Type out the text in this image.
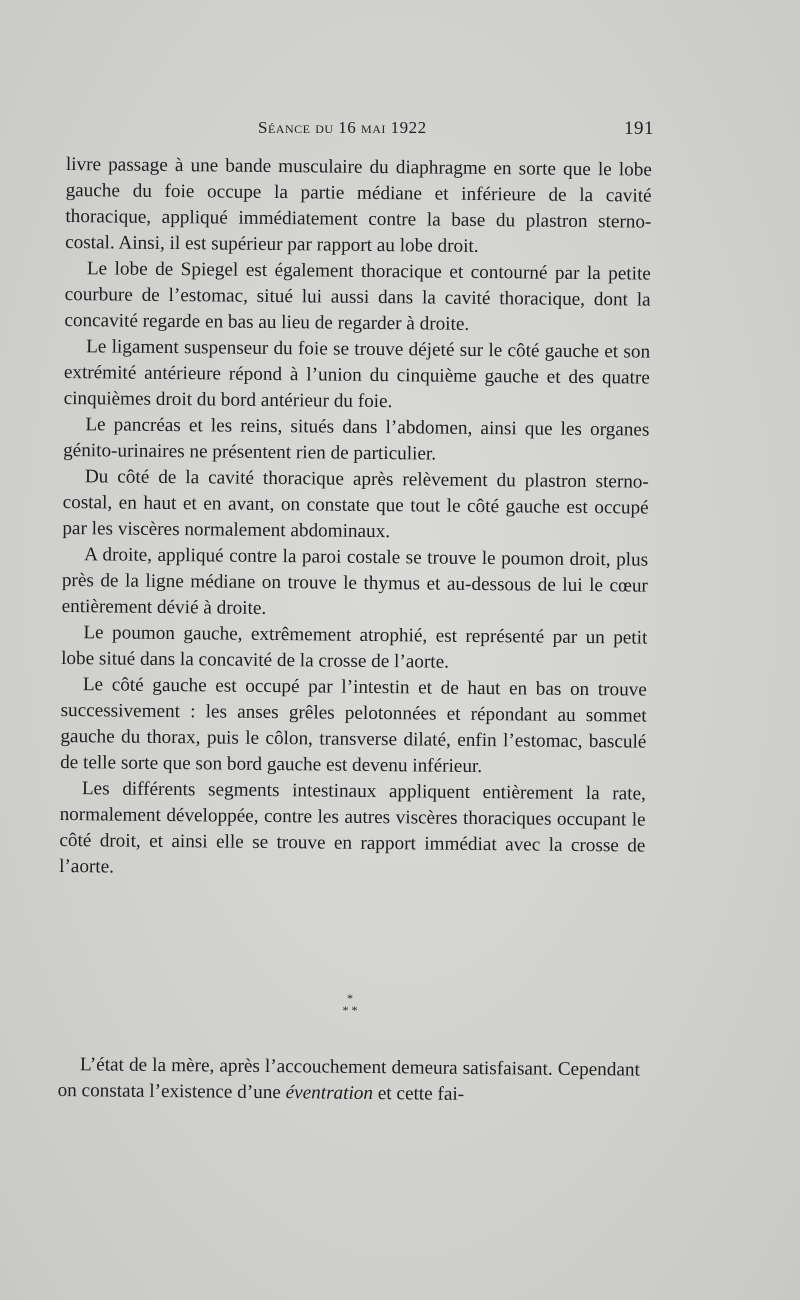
Séance du 16 mai 1922	191

livre passage à une bande musculaire du diaphragme en sorte que le lobe gauche du foie occupe la partie médiane et inférieure de la cavité thoracique, appliqué immédiatement contre la base du plastron sterno-costal. Ainsi, il est supérieur par rapport au lobe droit.

Le lobe de Spiegel est également thoracique et contourné par la petite courbure de l’estomac, situé lui aussi dans la cavité thoracique, dont la concavité regarde en bas au lieu de regarder à droite.

Le ligament suspenseur du foie se trouve déjeté sur le côté gauche et son extrémité antérieure répond à l’union du cinquième gauche et des quatre cinquièmes droit du bord antérieur du foie.

Le pancréas et les reins, situés dans l’abdomen, ainsi que les organes génito-urinaires ne présentent rien de particulier.

Du côté de la cavité thoracique après relèvement du plastron sterno-costal, en haut et en avant, on constate que tout le côté gauche est occupé par les viscères normalement abdominaux.

A droite, appliqué contre la paroi costale se trouve le poumon droit, plus près de la ligne médiane on trouve le thymus et au-dessous de lui le cœur entièrement dévié à droite.

Le poumon gauche, extrêmement atrophié, est représenté par un petit lobe situé dans la concavité de la crosse de l’aorte.

Le côté gauche est occupé par l’intestin et de haut en bas on trouve successivement : les anses grêles pelotonnées et répondant au sommet gauche du thorax, puis le côlon, transverse dilaté, enfin l’estomac, basculé de telle sorte que son bord gauche est devenu inférieur.

Les différents segments intestinaux appliquent entièrement la rate, normalement développée, contre les autres viscères thoraciques occupant le côté droit, et ainsi elle se trouve en rapport immédiat avec la crosse de l’aorte.

*
* *

L’état de la mère, après l’accouchement demeura satisfaisant. Cependant on constata l’existence d’une éventration et cette fai-
